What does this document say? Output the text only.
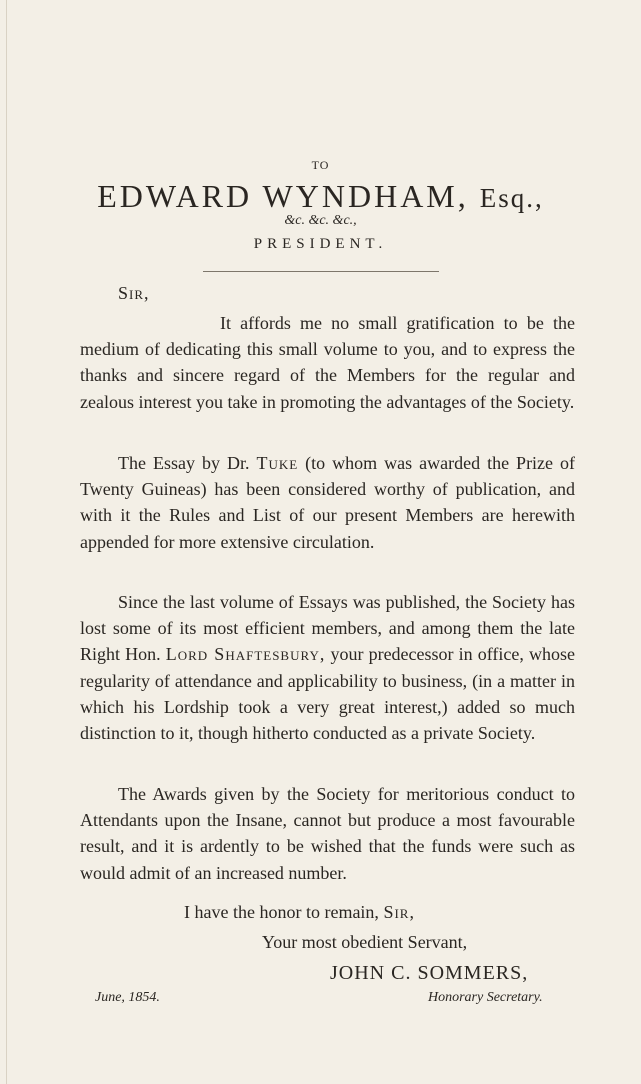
TO
EDWARD WYNDHAM, Esq.,
&c. &c. &c.,
PRESIDENT.
Sir,
It affords me no small gratification to be the medium of dedicating this small volume to you, and to express the thanks and sincere regard of the Members for the regular and zealous interest you take in promoting the advantages of the Society.
The Essay by Dr. Tuke (to whom was awarded the Prize of Twenty Guineas) has been considered worthy of publication, and with it the Rules and List of our present Members are herewith appended for more extensive circulation.
Since the last volume of Essays was published, the Society has lost some of its most efficient members, and among them the late Right Hon. Lord Shaftesbury, your predecessor in office, whose regularity of attendance and applicability to business, (in a matter in which his Lordship took a very great interest,) added so much distinction to it, though hitherto conducted as a private Society.
The Awards given by the Society for meritorious conduct to Attendants upon the Insane, cannot but produce a most favourable result, and it is ardently to be wished that the funds were such as would admit of an increased number.
I have the honor to remain, Sir,
Your most obedient Servant,
JOHN C. SOMMERS,
June, 1854.	Honorary Secretary.
